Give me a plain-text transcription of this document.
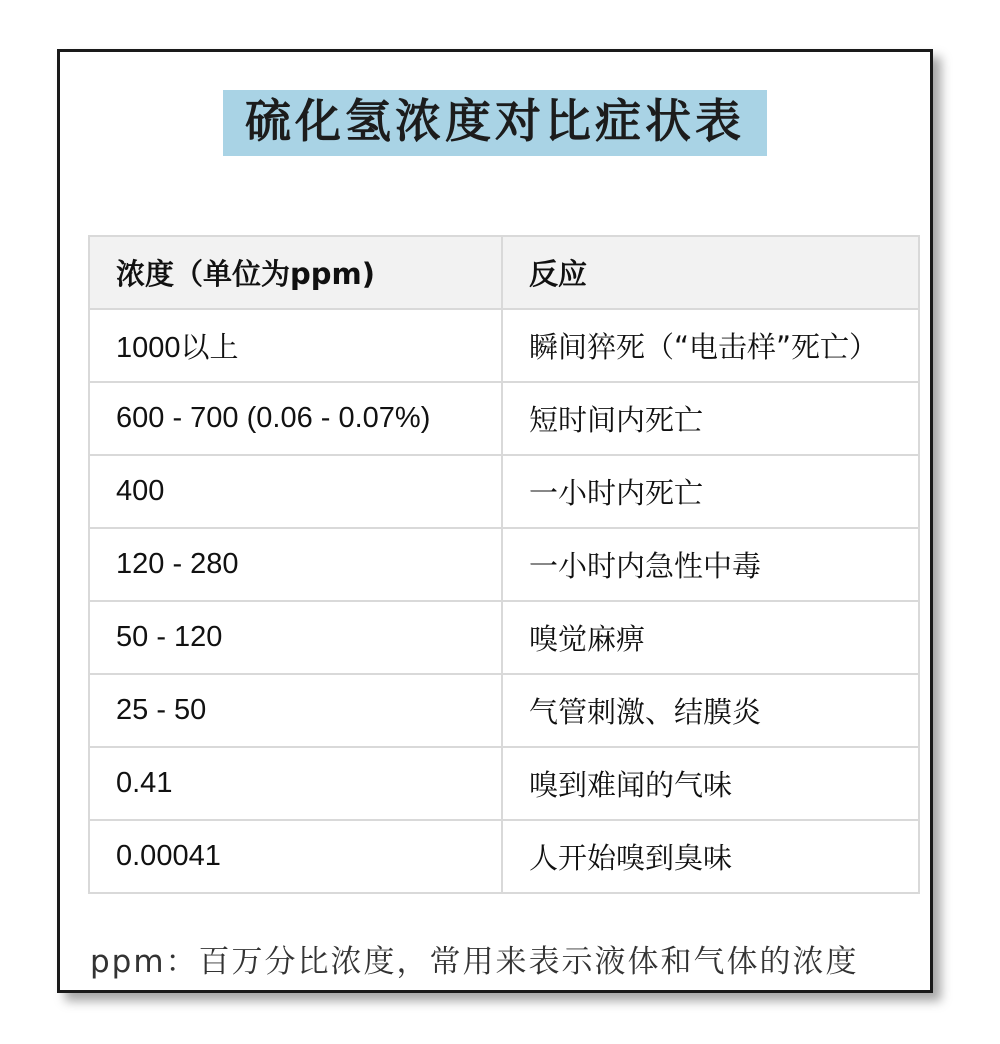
硫化氢浓度对比症状表
浓度（单位为ppm)	反应
1000以上	瞬间猝死（“电击样”死亡）
600 - 700 (0.06 - 0.07%)	短时间内死亡
400	一小时内死亡
120 - 280	一小时内急性中毒
50 - 120	嗅觉麻痹
25 - 50	气管刺激、结膜炎
0.41	嗅到难闻的气味
0.00041	人开始嗅到臭味
ppm：百万分比浓度，常用来表示液体和气体的浓度
